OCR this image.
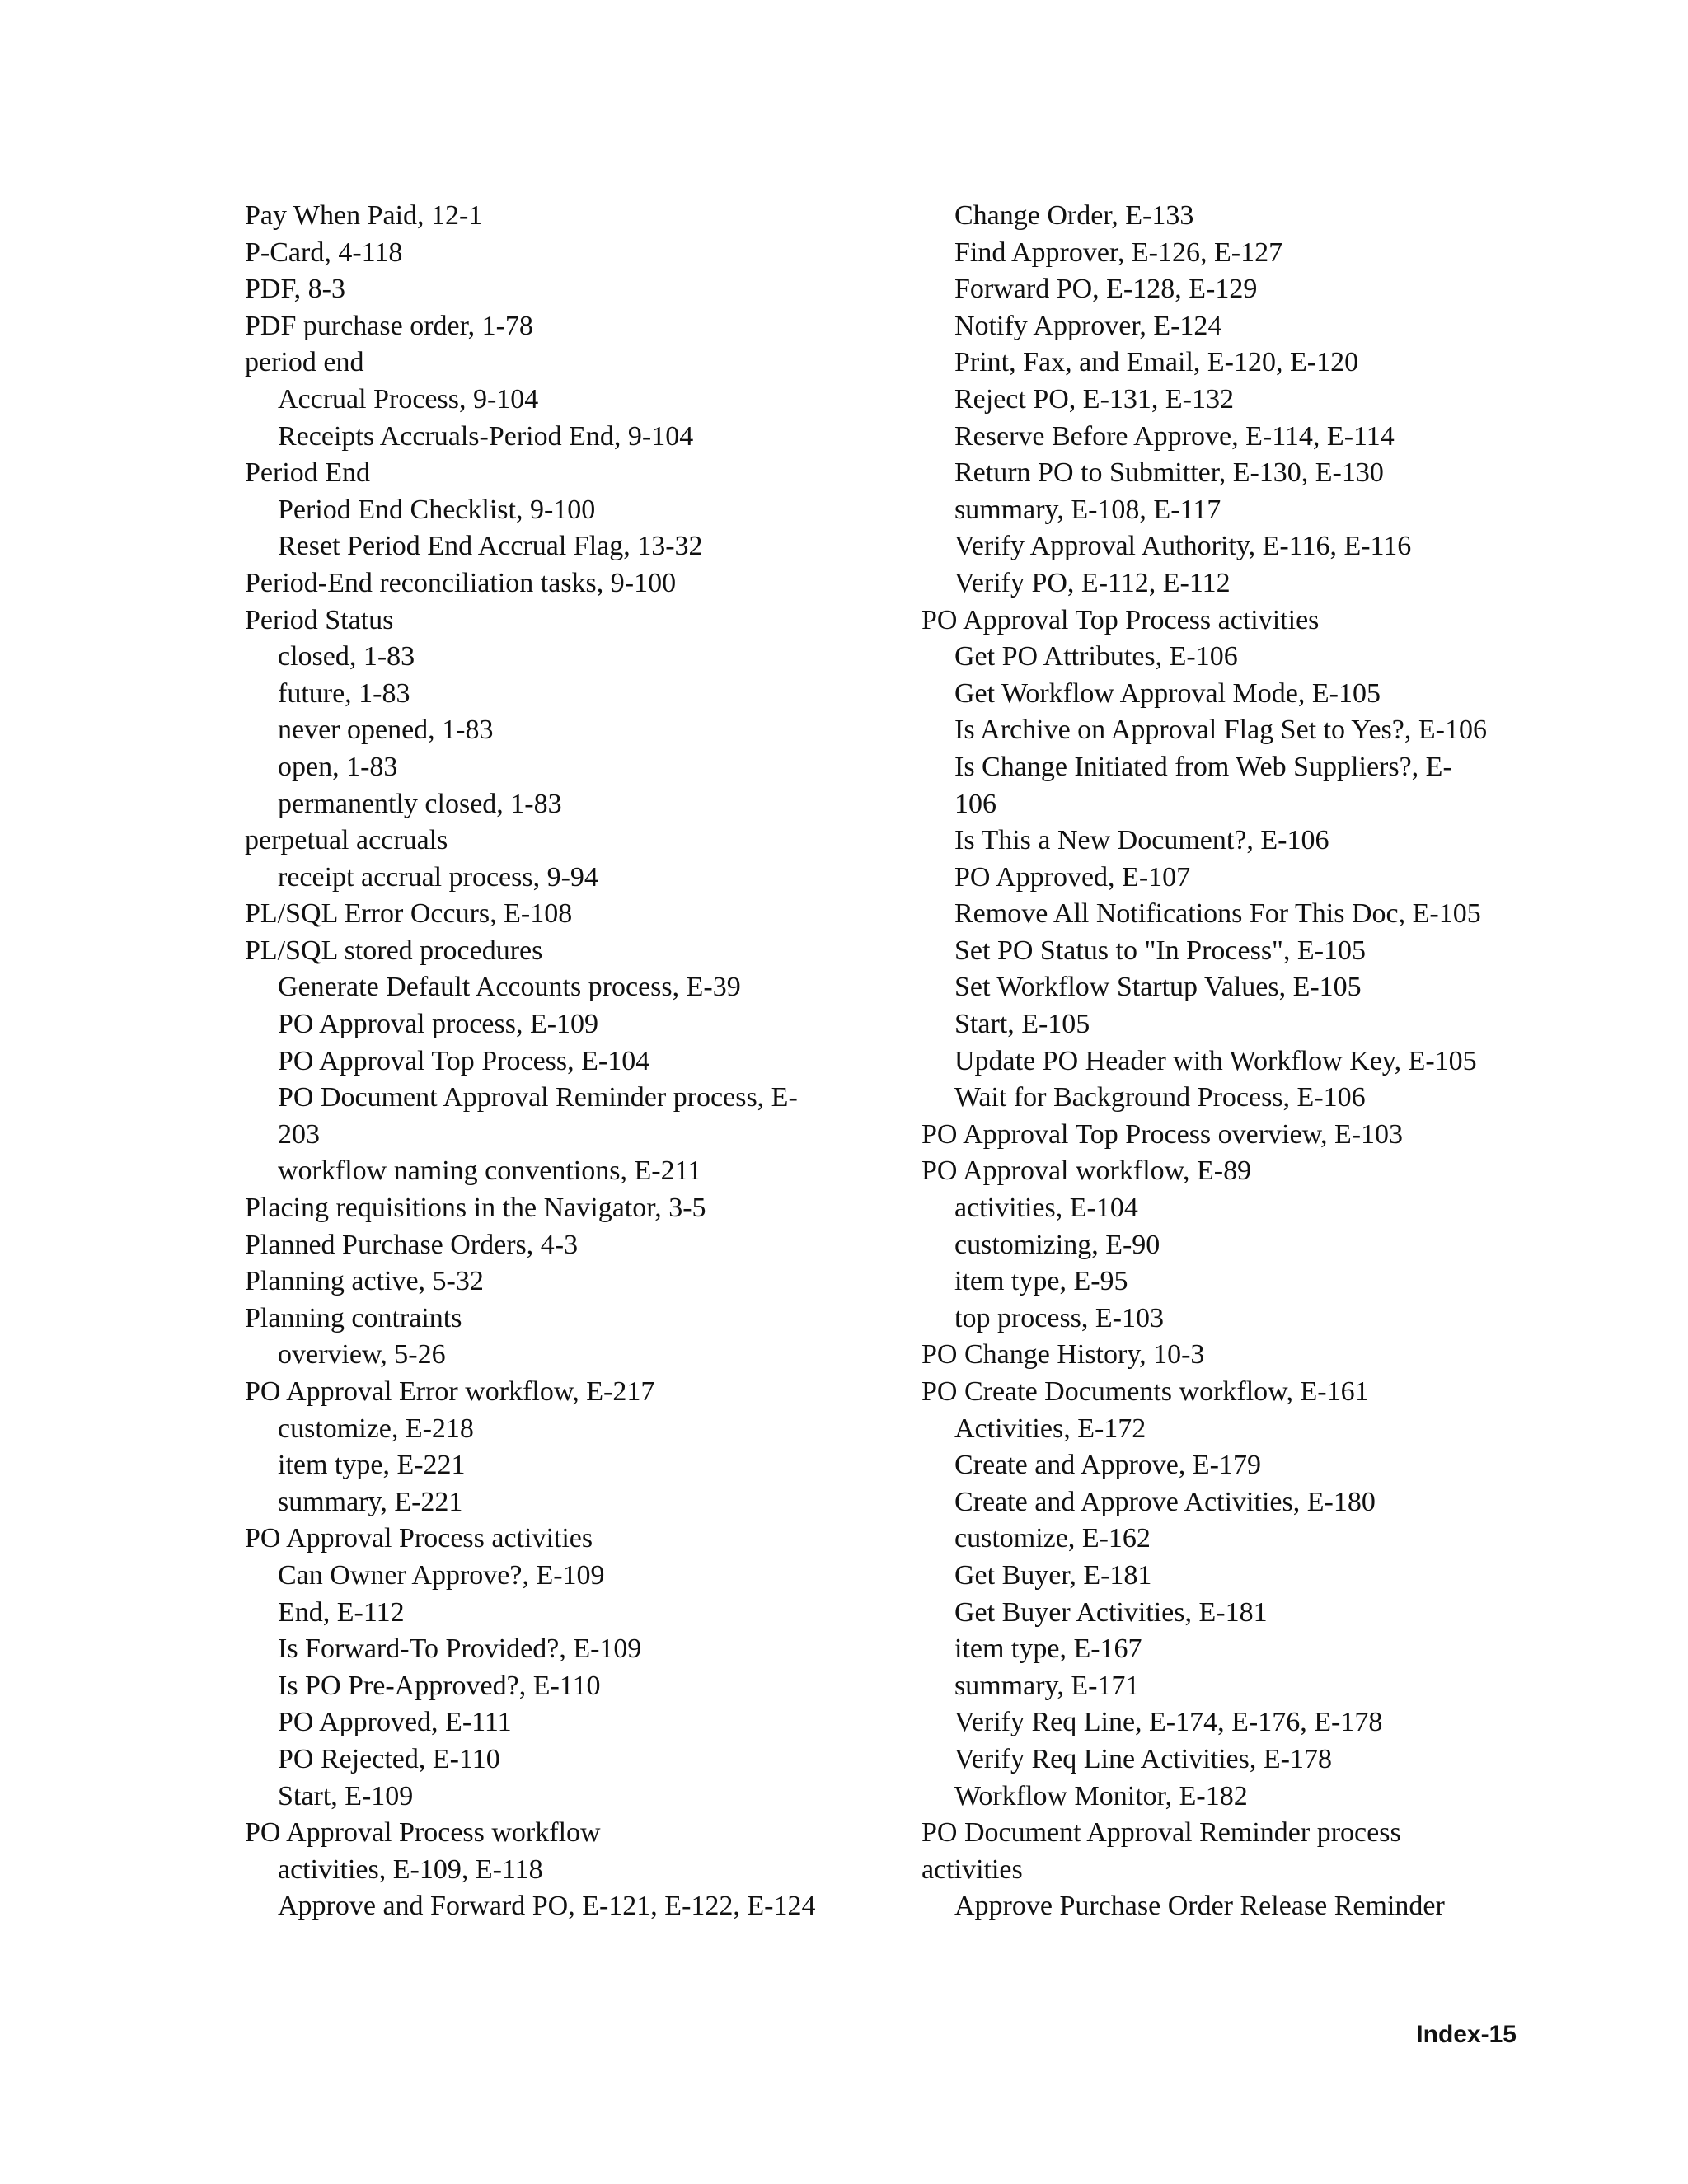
Pay When Paid, 12-1
P-Card, 4-118
PDF, 8-3
PDF purchase order, 1-78
period end
Accrual Process, 9-104
Receipts Accruals-Period End, 9-104
Period End
Period End Checklist, 9-100
Reset Period End Accrual Flag, 13-32
Period-End reconciliation tasks, 9-100
Period Status
closed, 1-83
future, 1-83
never opened, 1-83
open, 1-83
permanently closed, 1-83
perpetual accruals
receipt accrual process, 9-94
PL/SQL Error Occurs, E-108
PL/SQL stored procedures
Generate Default Accounts process, E-39
PO Approval process, E-109
PO Approval Top Process, E-104
PO Document Approval Reminder process, E-
203
workflow naming conventions, E-211
Placing requisitions in the Navigator, 3-5
Planned Purchase Orders, 4-3
Planning active, 5-32
Planning contraints
overview, 5-26
PO Approval Error workflow, E-217
customize, E-218
item type, E-221
summary, E-221
PO Approval Process activities
Can Owner Approve?, E-109
End, E-112
Is Forward-To Provided?, E-109
Is PO Pre-Approved?, E-110
PO Approved, E-111
PO Rejected, E-110
Start, E-109
PO Approval Process workflow
activities, E-109, E-118
Approve and Forward PO, E-121, E-122, E-124
Change Order, E-133
Find Approver, E-126, E-127
Forward PO, E-128, E-129
Notify Approver, E-124
Print, Fax, and Email, E-120, E-120
Reject PO, E-131, E-132
Reserve Before Approve, E-114, E-114
Return PO to Submitter, E-130, E-130
summary, E-108, E-117
Verify Approval Authority, E-116, E-116
Verify PO, E-112, E-112
PO Approval Top Process activities
Get PO Attributes, E-106
Get Workflow Approval Mode, E-105
Is Archive on Approval Flag Set to Yes?, E-106
Is Change Initiated from Web Suppliers?, E-
106
Is This a New Document?, E-106
PO Approved, E-107
Remove All Notifications For This Doc, E-105
Set PO Status to "In Process", E-105
Set Workflow Startup Values, E-105
Start, E-105
Update PO Header with Workflow Key, E-105
Wait for Background Process, E-106
PO Approval Top Process overview, E-103
PO Approval workflow, E-89
activities, E-104
customizing, E-90
item type, E-95
top process, E-103
PO Change History, 10-3
PO Create Documents workflow, E-161
Activities, E-172
Create and Approve, E-179
Create and Approve Activities, E-180
customize, E-162
Get Buyer, E-181
Get Buyer Activities, E-181
item type, E-167
summary, E-171
Verify Req Line, E-174, E-176, E-178
Verify Req Line Activities, E-178
Workflow Monitor, E-182
PO Document Approval Reminder process
activities
Approve Purchase Order Release Reminder
Index-15
